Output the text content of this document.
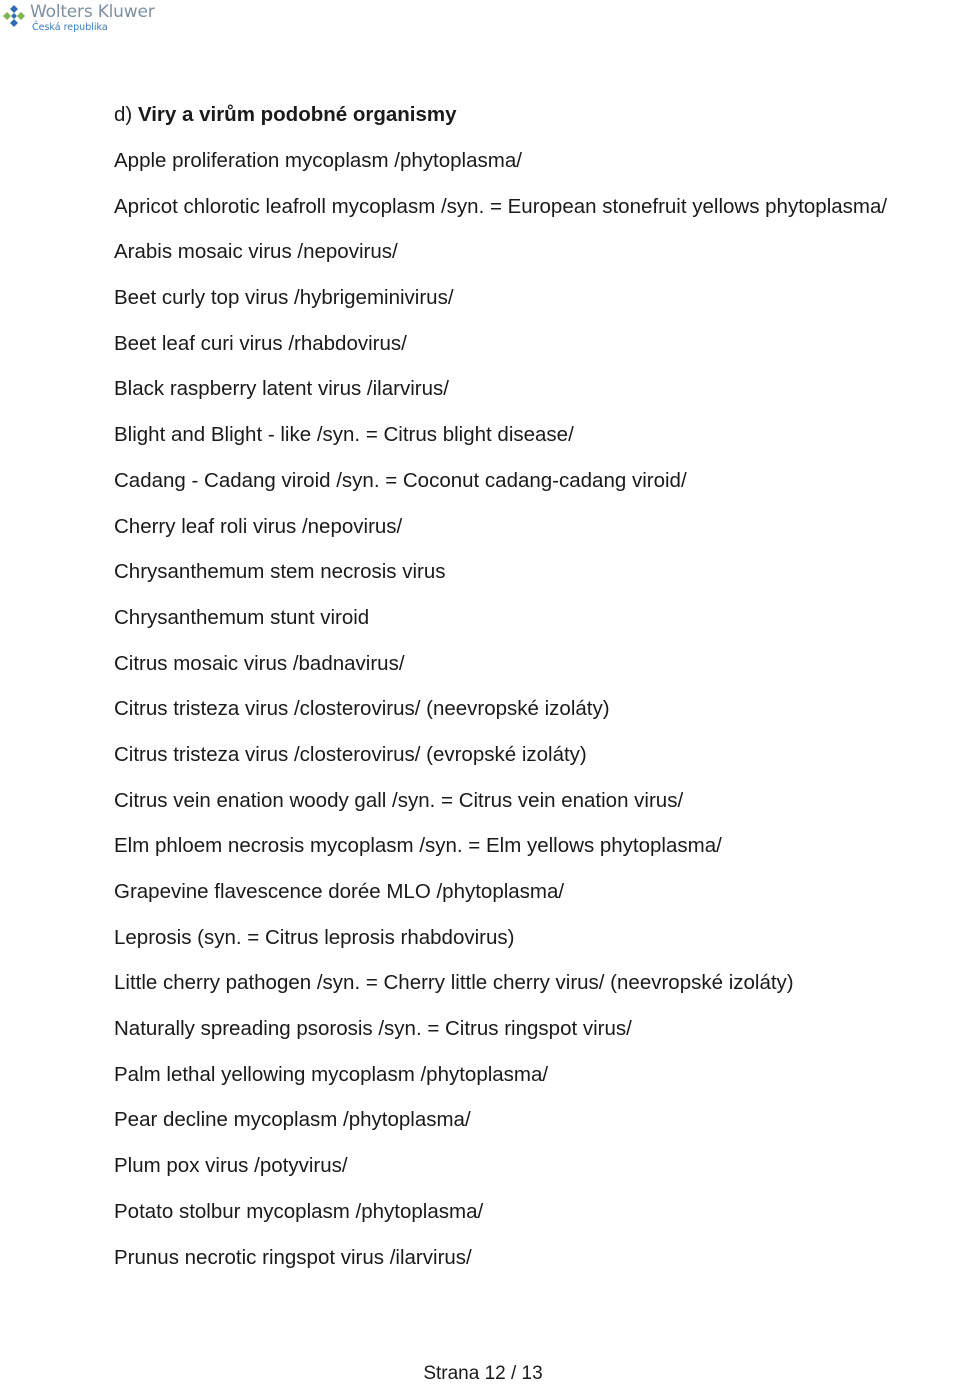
Wolters Kluwer
Česká republika
d) Viry a virům podobné organismy
Apple proliferation mycoplasm /phytoplasma/
Apricot chlorotic leafroll mycoplasm /syn. = European stonefruit yellows phytoplasma/
Arabis mosaic virus /nepovirus/
Beet curly top virus /hybrigeminivirus/
Beet leaf curi virus /rhabdovirus/
Black raspberry latent virus /ilarvirus/
Blight and Blight - like /syn. = Citrus blight disease/
Cadang - Cadang viroid /syn. = Coconut cadang-cadang viroid/
Cherry leaf roli virus /nepovirus/
Chrysanthemum stem necrosis virus
Chrysanthemum stunt viroid
Citrus mosaic virus /badnavirus/
Citrus tristeza virus /closterovirus/ (neevropské izoláty)
Citrus tristeza virus /closterovirus/ (evropské izoláty)
Citrus vein enation woody gall /syn. = Citrus vein enation virus/
Elm phloem necrosis mycoplasm /syn. = Elm yellows phytoplasma/
Grapevine flavescence dorée MLO /phytoplasma/
Leprosis (syn. = Citrus leprosis rhabdovirus)
Little cherry pathogen /syn. = Cherry little cherry virus/ (neevropské izoláty)
Naturally spreading psorosis /syn. = Citrus ringspot virus/
Palm lethal yellowing mycoplasm /phytoplasma/
Pear decline mycoplasm /phytoplasma/
Plum pox virus /potyvirus/
Potato stolbur mycoplasm /phytoplasma/
Prunus necrotic ringspot virus /ilarvirus/
Strana 12 / 13
